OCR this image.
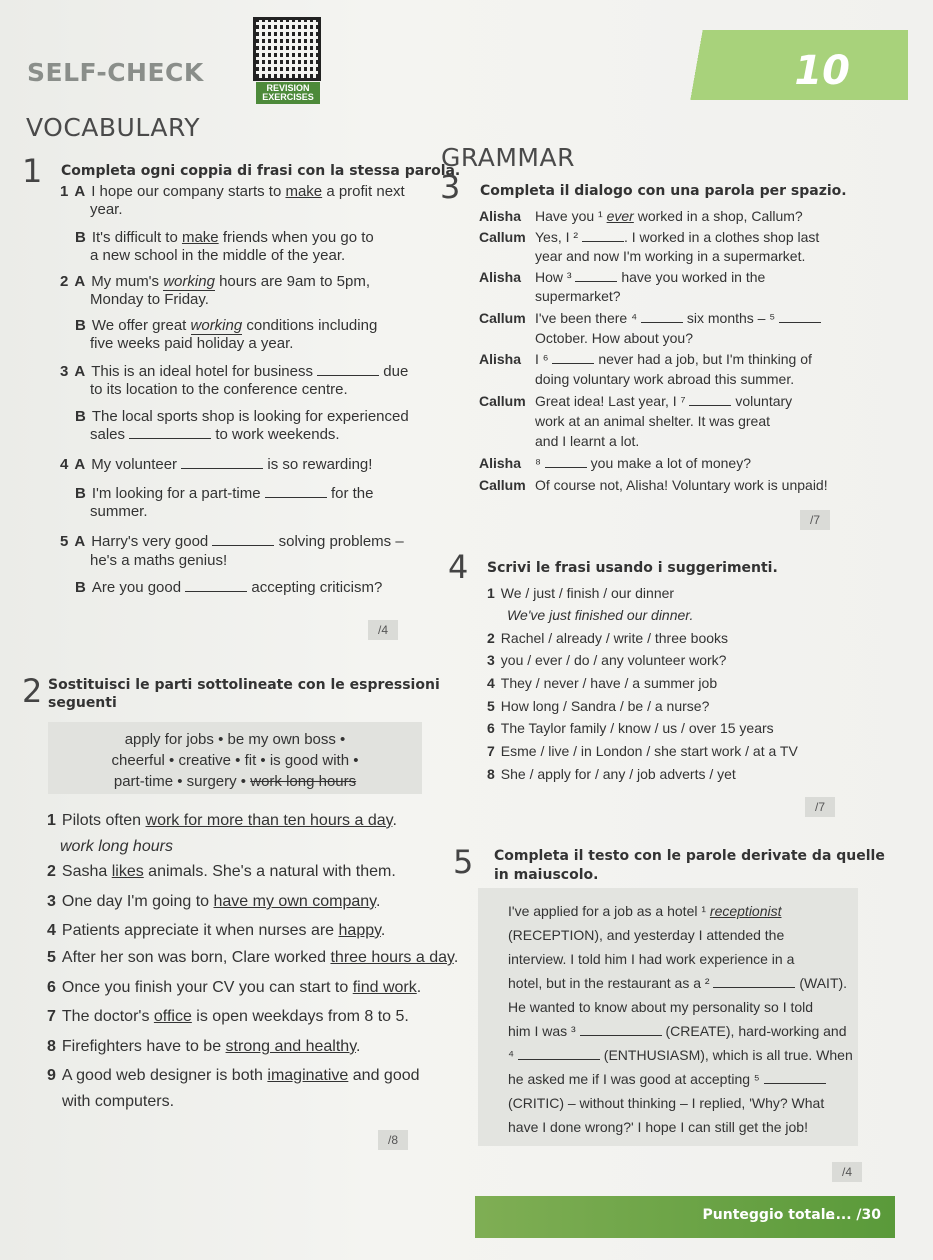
SELF-CHECK
REVISION EXERCISES
10
VOCABULARY
1 Completa ogni coppia di frasi con la stessa parola.
1 A I hope our company starts to make a profit next
year.
B It's difficult to make friends when you go to
a new school in the middle of the year.
2 A My mum's working hours are 9am to 5pm,
Monday to Friday.
B We offer great working conditions including
five weeks paid holiday a year.
3 A This is an ideal hotel for business	due
to its location to the conference centre.
B The local sports shop is looking for experienced
sales	to work weekends.
4 A My volunteer	is so rewarding!
B I'm looking for a part-time	for the
summer.
5 A Harry's very good	solving problems –
he's a maths genius!
B Are you good	accepting criticism?
/4
2 Sostituisci le parti sottolineate con le espressioni
seguenti
apply for jobs • be my own boss •
cheerful • creative • fit • is good with •
part-time • surgery • work long hours
1 Pilots often work for more than ten hours a day.
work long hours
2 Sasha likes animals. She's a natural with them.
3 One day I'm going to have my own company.
4 Patients appreciate it when nurses are happy.
5 After her son was born, Clare worked three hours a day.
6 Once you finish your CV you can start to find work.
7 The doctor's office is open weekdays from 8 to 5.
8 Firefighters have to be strong and healthy.
9 A good web designer is both imaginative and good
with computers.
/8
GRAMMAR
3 Completa il dialogo con una parola per spazio.
Alisha Have you ¹ ever worked in a shop, Callum?
Callum Yes, I ²	. I worked in a clothes shop last
year and now I'm working in a supermarket.
Alisha How ³	have you worked in the
supermarket?
Callum I've been there ⁴	six months – ⁵
October. How about you?
Alisha I ⁶	never had a job, but I'm thinking of
doing voluntary work abroad this summer.
Callum Great idea! Last year, I ⁷	voluntary
work at an animal shelter. It was great
and I learnt a lot.
Alisha ⁸	you make a lot of money?
Callum Of course not, Alisha! Voluntary work is unpaid!
/7
4 Scrivi le frasi usando i suggerimenti.
1 We / just / finish / our dinner
We've just finished our dinner.
2 Rachel / already / write / three books
3 you / ever / do / any volunteer work?
4 They / never / have / a summer job
5 How long / Sandra / be / a nurse?
6 The Taylor family / know / us / over 15 years
7 Esme / live / in London / she start work / at a TV
8 She / apply for / any / job adverts / yet
/7
5 Completa il testo con le parole derivate da quelle
in maiuscolo.
I've applied for a job as a hotel ¹ receptionist
(RECEPTION), and yesterday I attended the
interview. I told him I had work experience in a
hotel, but in the restaurant as a ²	(WAIT).
He wanted to know about my personality so I told
him I was ³	(CREATE), hard-working and
⁴	(ENTHUSIASM), which is all true. When
he asked me if I was good at accepting ⁵
(CRITIC) – without thinking – I replied, 'Why? What
have I done wrong?' I hope I can still get the job!
/4
Punteggio totale
..... /30
